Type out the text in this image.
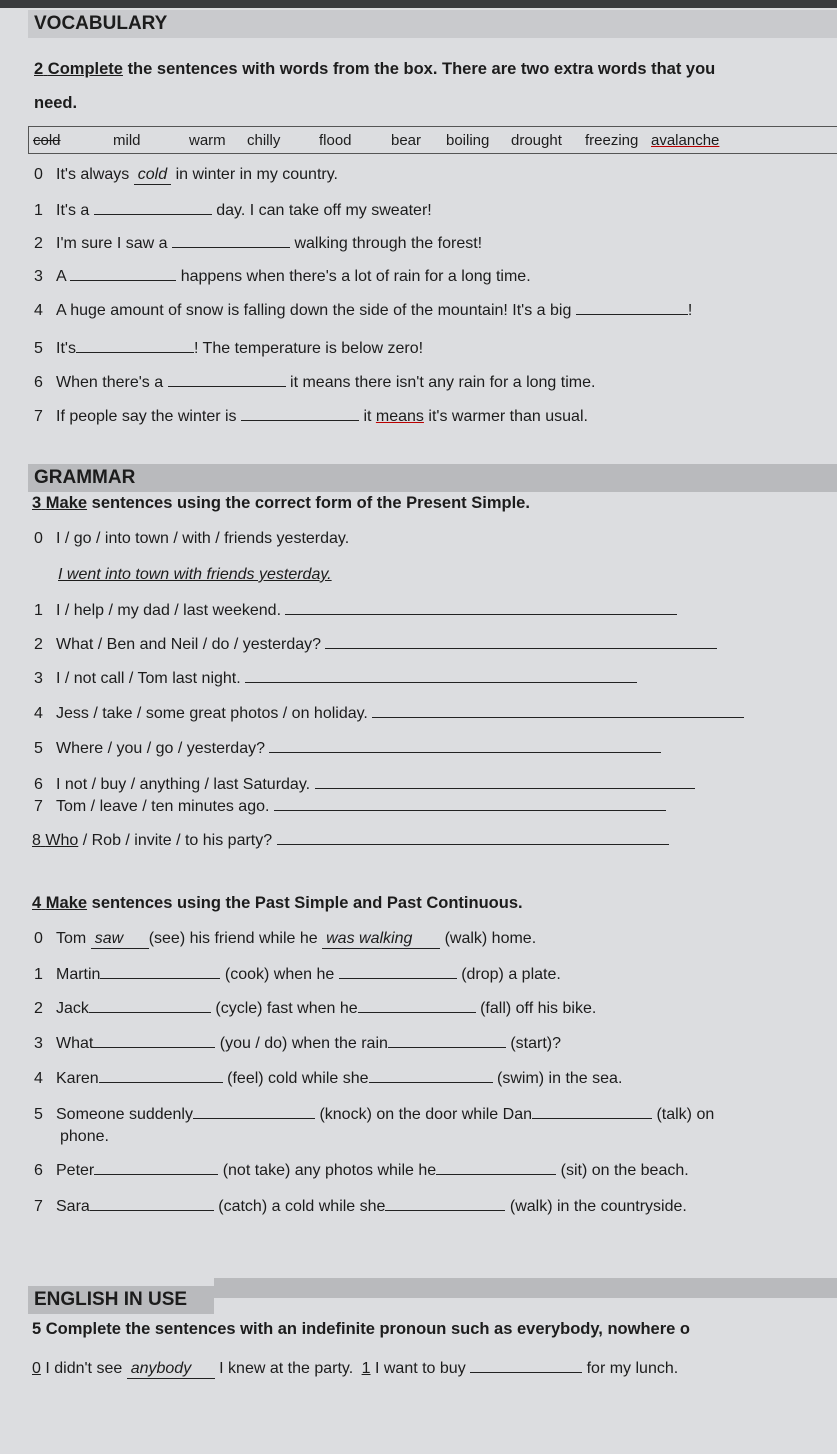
VOCABULARY
2 Complete the sentences with words from the box. There are two extra words that you
need.
cold	mild	warm chilly	flood	bear boiling drought freezing avalanche
0 It's always cold in winter in my country.
1 It's a	day. I can take off my sweater!
2 I'm sure I saw a	walking through the forest!
3 A	happens when there's a lot of rain for a long time.
4 A huge amount of snow is falling down the side of the mountain! It's a big	!
5 It's	! The temperature is below zero!
6 When there's a	it means there isn't any rain for a long time.
7 If people say the winter is	it means it's warmer than usual.
GRAMMAR
3 Make sentences using the correct form of the Present Simple.
0 I / go / into town / with / friends yesterday.
I went into town with friends yesterday.
1 I / help / my dad / last weekend.
2 What / Ben and Neil / do / yesterday?
3 I / not call / Tom last night.
4 Jess / take / some great photos / on holiday.
5 Where / you / go / yesterday?
6 I not / buy / anything / last Saturday.
7 Tom / leave / ten minutes ago.
8 Who / Rob / invite / to his party?
4 Make sentences using the Past Simple and Past Continuous.
0 Tom saw (see) his friend while he was walking (walk) home.
1 Martin	(cook) when he	(drop) a plate.
2 Jack	(cycle) fast when he	(fall) off his bike.
3 What	(you / do) when the rain	(start)?
4 Karen	(feel) cold while she	(swim) in the sea.
5 Someone suddenly	(knock) on the door while Dan	(talk) on
phone.
6 Peter	(not take) any photos while he	(sit) on the beach.
7 Sara	(catch) a cold while she	(walk) in the countryside.
ENGLISH IN USE
5 Complete the sentences with an indefinite pronoun such as everybody, nowhere o
0 I didn't see anybody I knew at the party. 1 I want to buy	for my lunch.
